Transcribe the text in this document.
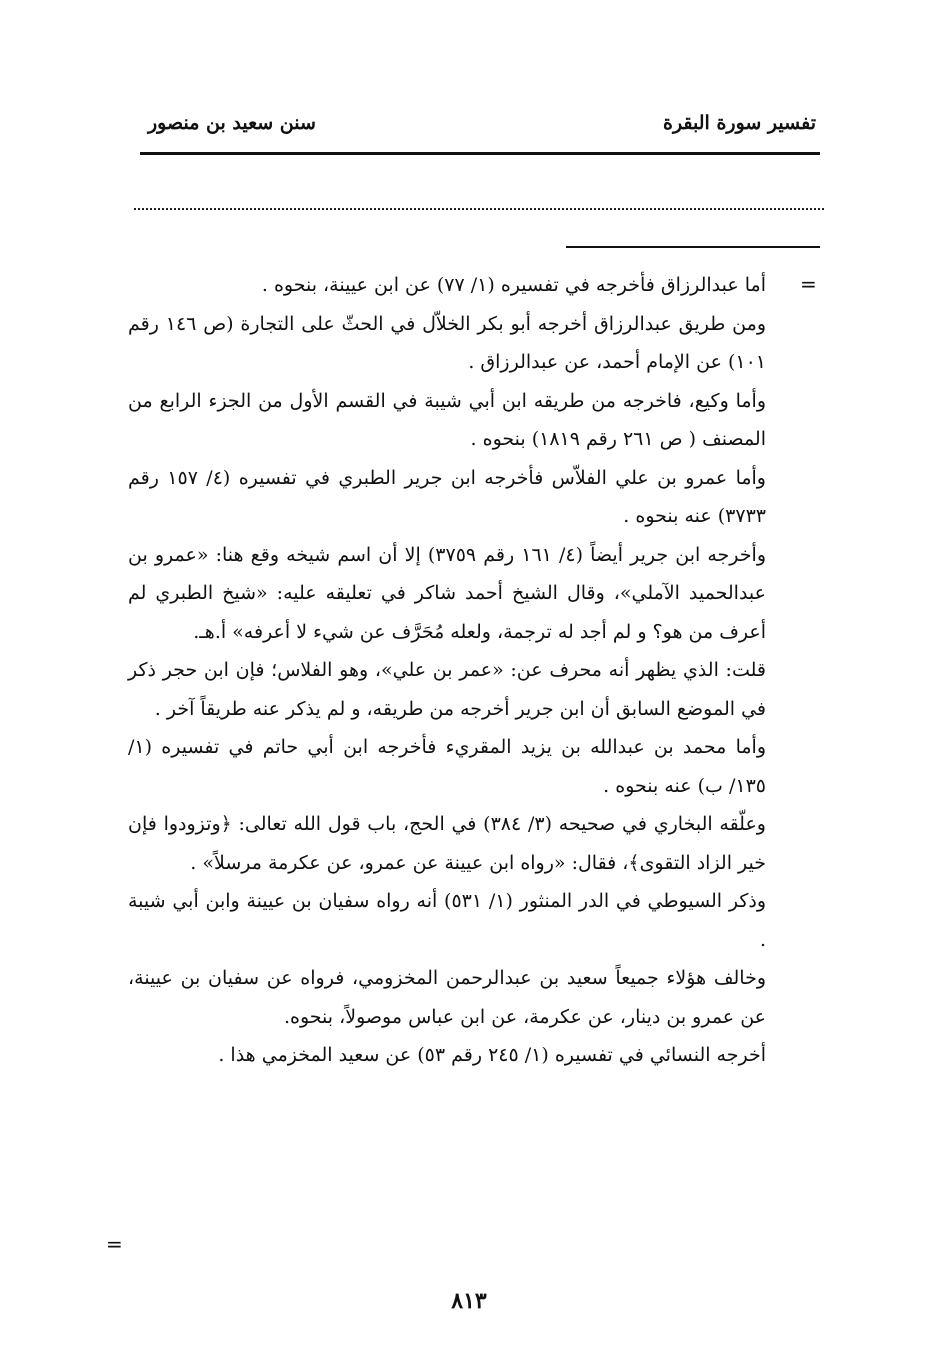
تفسير سورة البقرة
سنن سعيد بن منصور
=

أما عبدالرزاق فأخرجه في تفسيره (١/ ٧٧) عن ابن عيينة، بنحوه .

ومن طريق عبدالرزاق أخرجه أبو بكر الخلاّل في الحثّ على التجارة (ص ١٤٦ رقم ١٠١) عن الإمام أحمد، عن عبدالرزاق .

وأما وكيع، فاخرجه من طريقه ابن أبي شيبة في القسم الأول من الجزء الرابع من المصنف ( ص ٢٦١ رقم ١٨١٩) بنحوه .

وأما عمرو بن علي الفلاّس فأخرجه ابن جرير الطبري في تفسيره (٤/ ١٥٧ رقم ٣٧٣٣) عنه بنحوه .

وأخرجه ابن جرير أيضاً (٤/ ١٦١ رقم ٣٧٥٩) إلا أن اسم شيخه وقع هنا: «عمرو بن عبدالحميد الآملي»، وقال الشيخ أحمد شاكر في تعليقه عليه: «شيخ الطبري لم أعرف من هو؟ و لم أجد له ترجمة، ولعله مُحَرَّف عن شيء لا أعرفه» أ.هـ.

قلت: الذي يظهر أنه محرف عن: «عمر بن علي»، وهو الفلاس؛ فإن ابن حجر ذكر في الموضع السابق أن ابن جرير أخرجه من طريقه، و لم يذكر عنه طريقاً آخر .

وأما محمد بن عبدالله بن يزيد المقريء فأخرجه ابن أبي حاتم في تفسيره (١/ ١٣٥/ ب) عنه بنحوه .

وعلّقه البخاري في صحيحه (٣/ ٣٨٤) في الحج، باب قول الله تعالى: ﴿وتزودوا فإن خير الزاد التقوى﴾، فقال: «رواه ابن عيينة عن عمرو، عن عكرمة مرسلاً» .

وذكر السيوطي في الدر المنثور (١/ ٥٣١) أنه رواه سفيان بن عيينة وابن أبي شيبة .

وخالف هؤلاء جميعاً سعيد بن عبدالرحمن المخزومي، فرواه عن سفيان بن عيينة، عن عمرو بن دينار، عن عكرمة، عن ابن عباس موصولاً، بنحوه.

أخرجه النسائي في تفسيره (١/ ٢٤٥ رقم ٥٣) عن سعيد المخزمي هذا .

=
٨١٣
